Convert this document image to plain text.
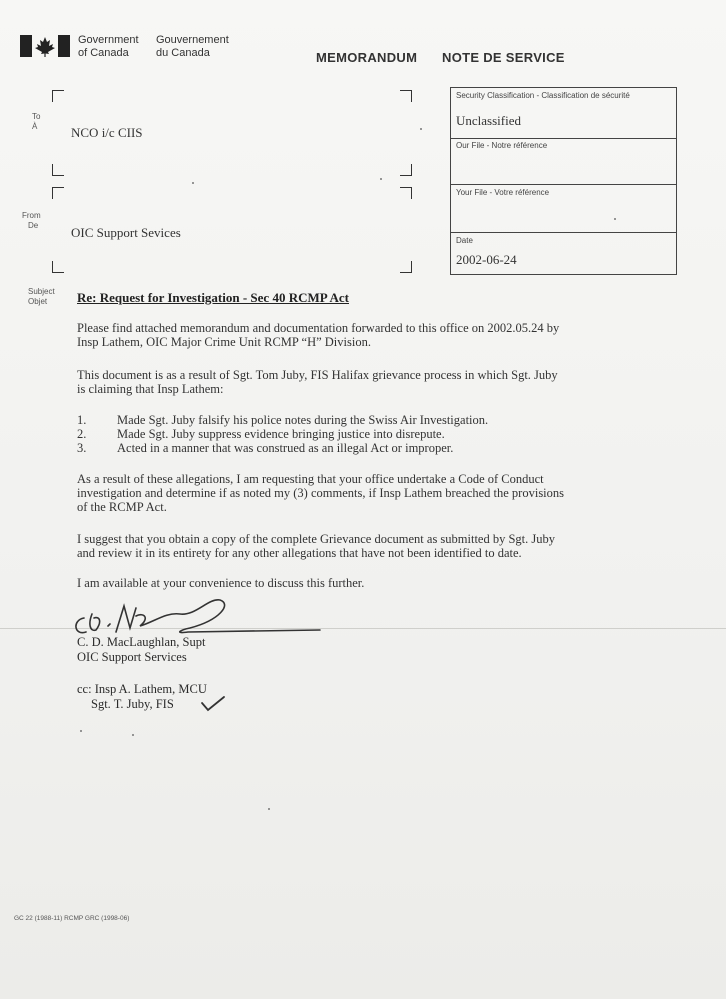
Government
of Canada
Gouvernement
du Canada	MEMORANDUM NOTE DE SERVICE
To
À	NCO i/c CIIS
From
De	OIC Support Sevices
Security Classification - Classification de sécurité
Unclassified
Our File - Notre référence
Your File - Votre référence
Date
2002-06-24
Subject
Objet	Re: Request for Investigation - Sec 40 RCMP Act
Please find attached memorandum and documentation forwarded to this office on 2002.05.24 by
Insp Lathem, OIC Major Crime Unit RCMP “H” Division.
This document is as a result of Sgt. Tom Juby, FIS Halifax grievance process in which Sgt. Juby
is claiming that Insp Lathem:
1. Made Sgt. Juby falsify his police notes during the Swiss Air Investigation.
2. Made Sgt. Juby suppress evidence bringing justice into disrepute.
3. Acted in a manner that was construed as an illegal Act or improper.
As a result of these allegations, I am requesting that your office undertake a Code of Conduct
investigation and determine if as noted my (3) comments, if Insp Lathem breached the provisions
of the RCMP Act.
I suggest that you obtain a copy of the complete Grievance document as submitted by Sgt. Juby
and review it in its entirety for any other allegations that have not been identified to date.
I am available at your convenience to discuss this further.
C. D. MacLaughlan, Supt
OIC Support Services
cc: Insp A. Lathem, MCU
Sgt. T. Juby, FIS
GC 22 (1988-11) RCMP GRC (1998-06)
